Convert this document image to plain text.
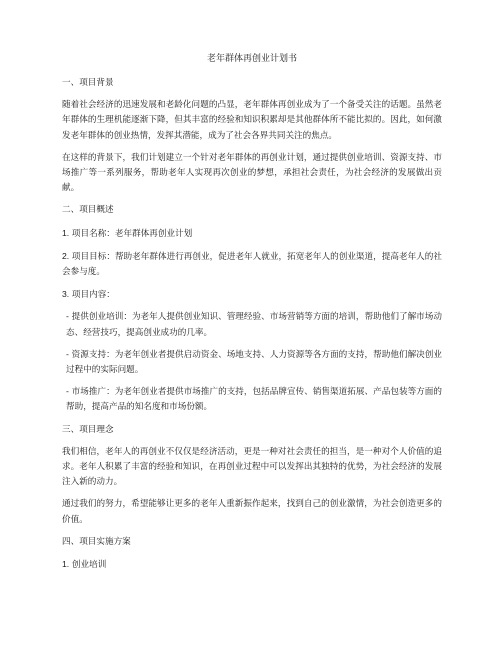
老年群体再创业计划书
一、项目背景
随着社会经济的迅速发展和老龄化问题的凸显，老年群体再创业成为了一个备受关注的话题。虽然老年群体的生理机能逐渐下降，但其丰富的经验和知识积累却是其他群体所不能比拟的。因此，如何激发老年群体的创业热情，发挥其潜能，成为了社会各界共同关注的焦点。
在这样的背景下，我们计划建立一个针对老年群体的再创业计划，通过提供创业培训、资源支持、市场推广等一系列服务，帮助老年人实现再次创业的梦想，承担社会责任，为社会经济的发展做出贡献。
二、项目概述
1. 项目名称：老年群体再创业计划
2. 项目目标：帮助老年群体进行再创业，促进老年人就业，拓宽老年人的创业渠道，提高老年人的社会参与度。
3. 项目内容：
- 提供创业培训：为老年人提供创业知识、管理经验、市场营销等方面的培训，帮助他们了解市场动态、经营技巧，提高创业成功的几率。
- 资源支持：为老年创业者提供启动资金、场地支持、人力资源等各方面的支持，帮助他们解决创业过程中的实际问题。
- 市场推广：为老年创业者提供市场推广的支持，包括品牌宣传、销售渠道拓展、产品包装等方面的帮助，提高产品的知名度和市场份额。
三、项目理念
我们相信，老年人的再创业不仅仅是经济活动，更是一种对社会责任的担当，是一种对个人价值的追求。老年人积累了丰富的经验和知识，在再创业过程中可以发挥出其独特的优势，为社会经济的发展注入新的动力。
通过我们的努力，希望能够让更多的老年人重新振作起来，找到自己的创业激情，为社会创造更多的价值。
四、项目实施方案
1. 创业培训
